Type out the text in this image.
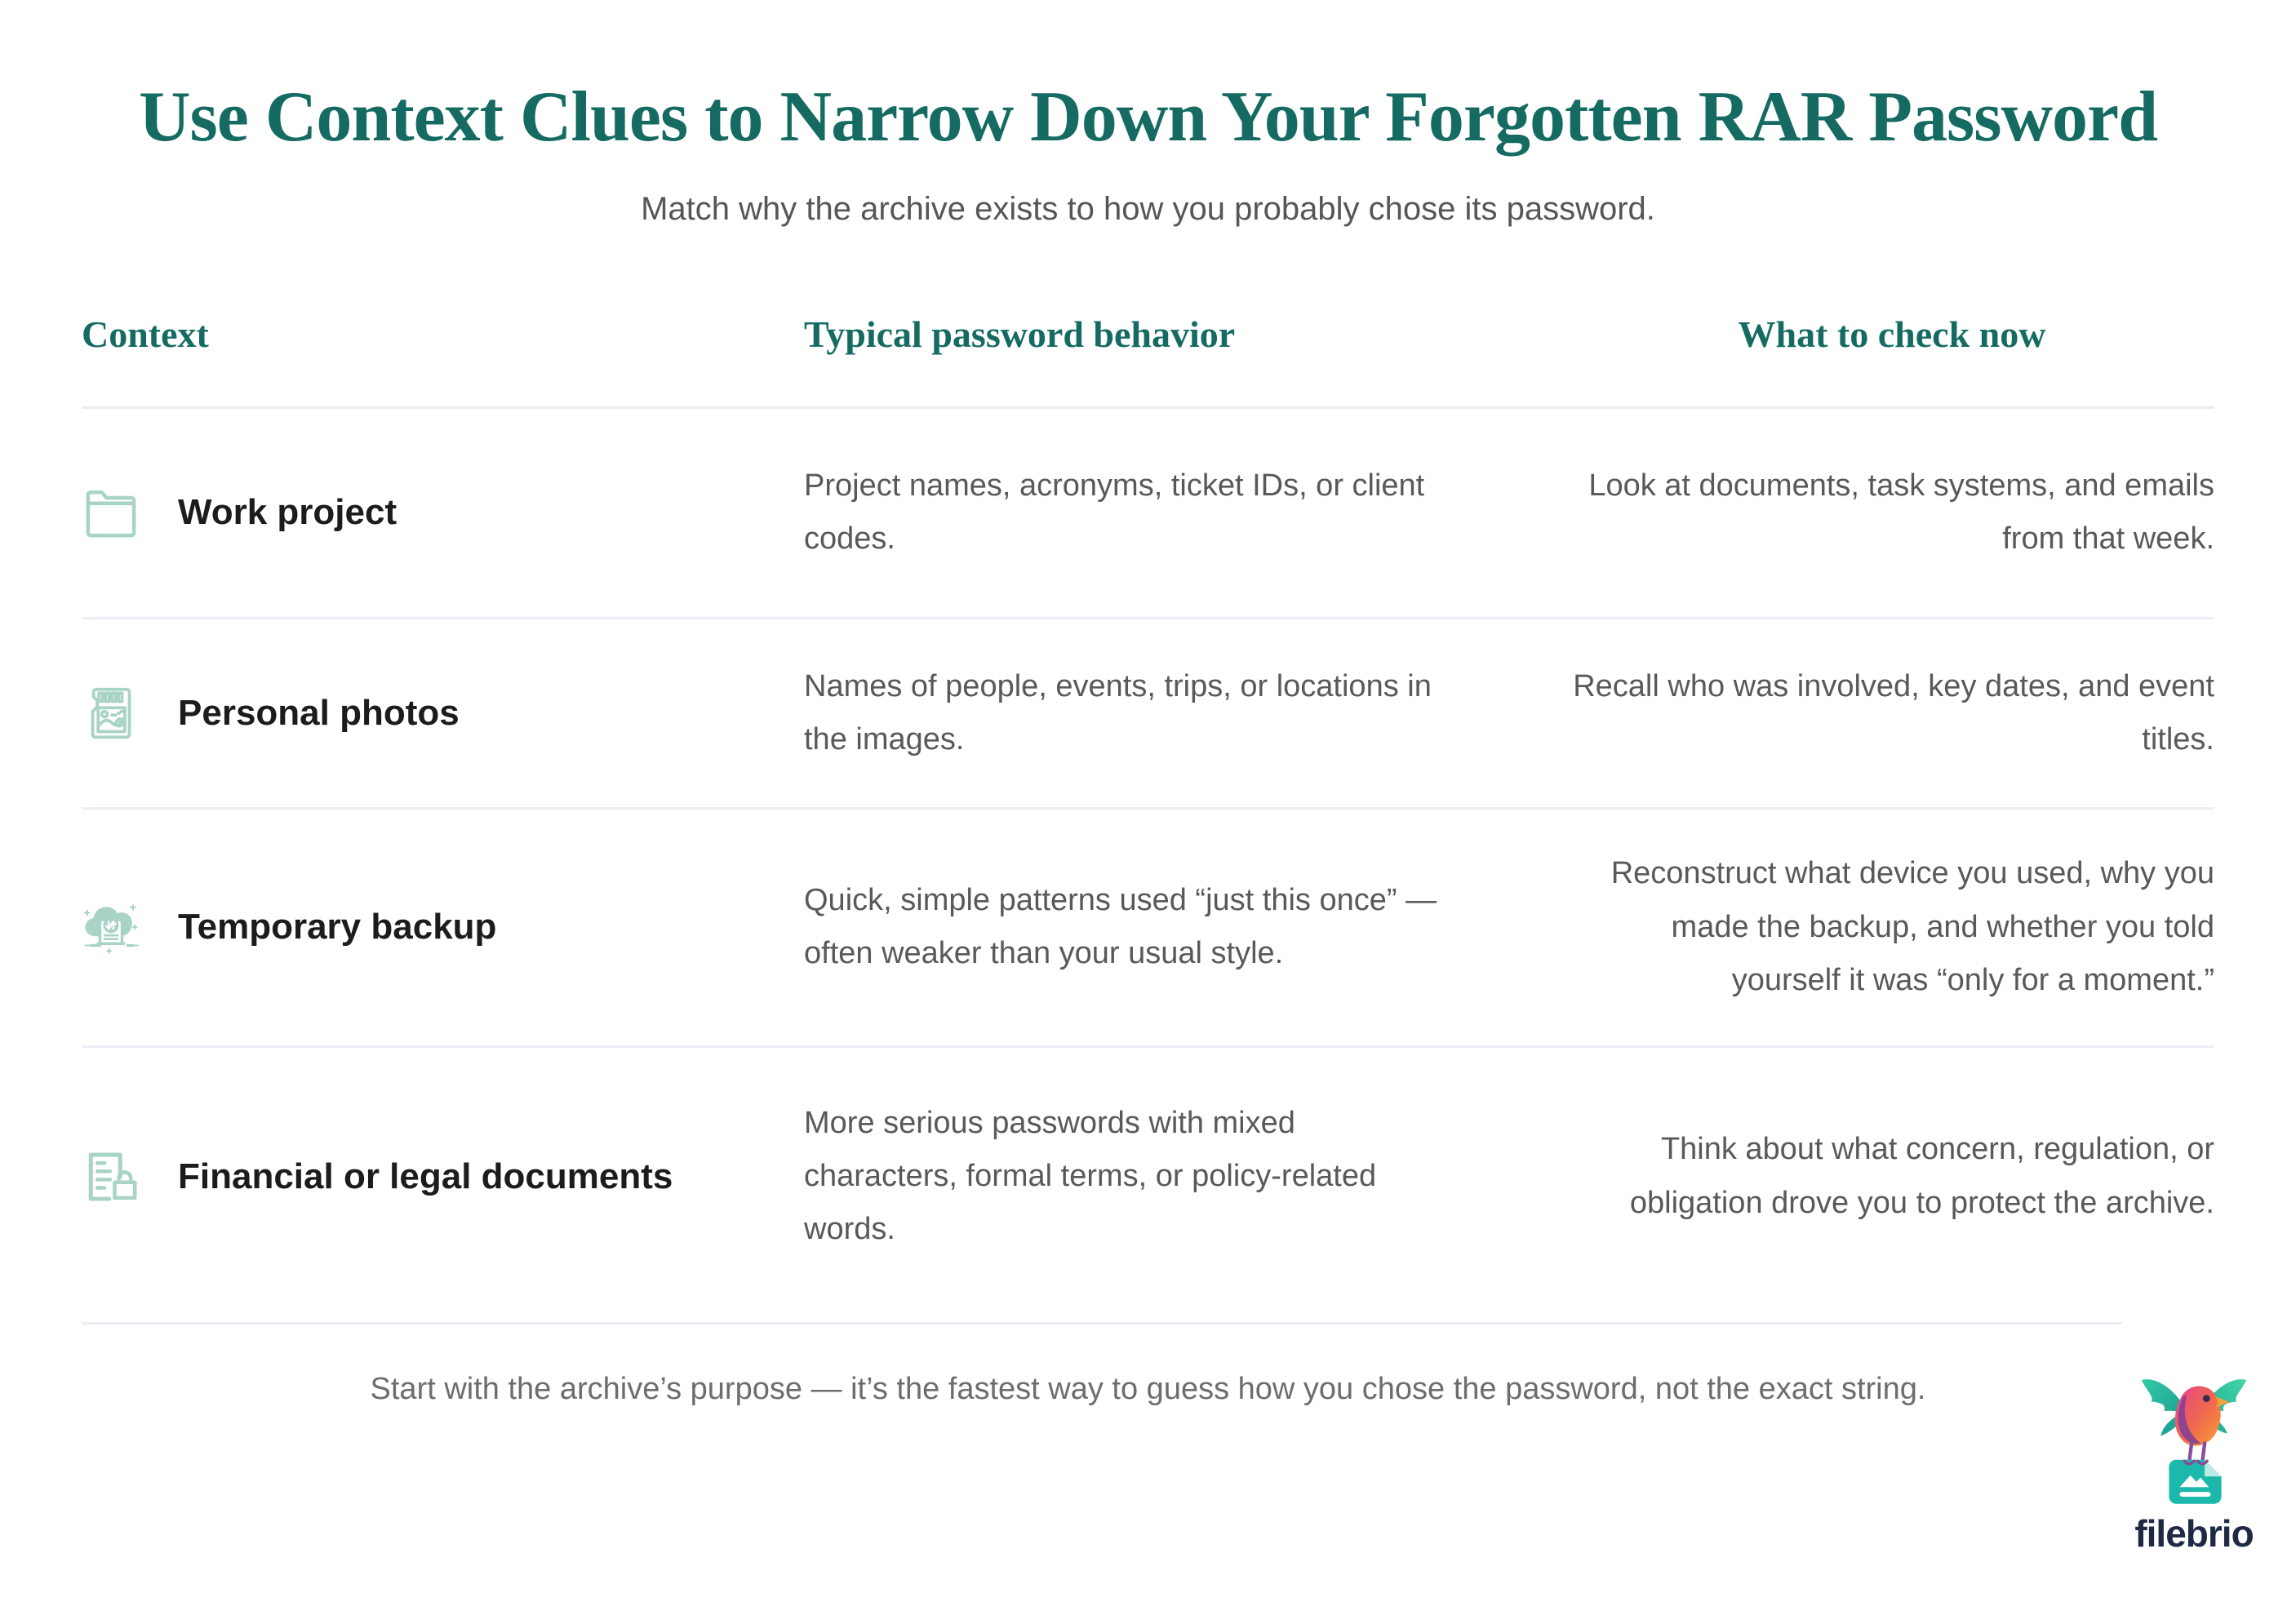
Use Context Clues to Narrow Down Your Forgotten RAR Password

Match why the archive exists to how you probably chose its password.

Context	Typical password behavior	What to check now
Work project
Project names, acronyms, ticket IDs, or client codes.
Look at documents, task systems, and emails from that week.
Personal photos
Names of people, events, trips, or locations in the images.
Recall who was involved, key dates, and event titles.
Temporary backup
Quick, simple patterns used “just this once” — often weaker than your usual style.
Reconstruct what device you used, why you made the backup, and whether you told yourself it was “only for a moment.”
Financial or legal documents
More serious passwords with mixed characters, formal terms, or policy-related words.
Think about what concern, regulation, or obligation drove you to protect the archive.

Start with the archive’s purpose — it’s the fastest way to guess how you chose the password, not the exact string.

filebrio
